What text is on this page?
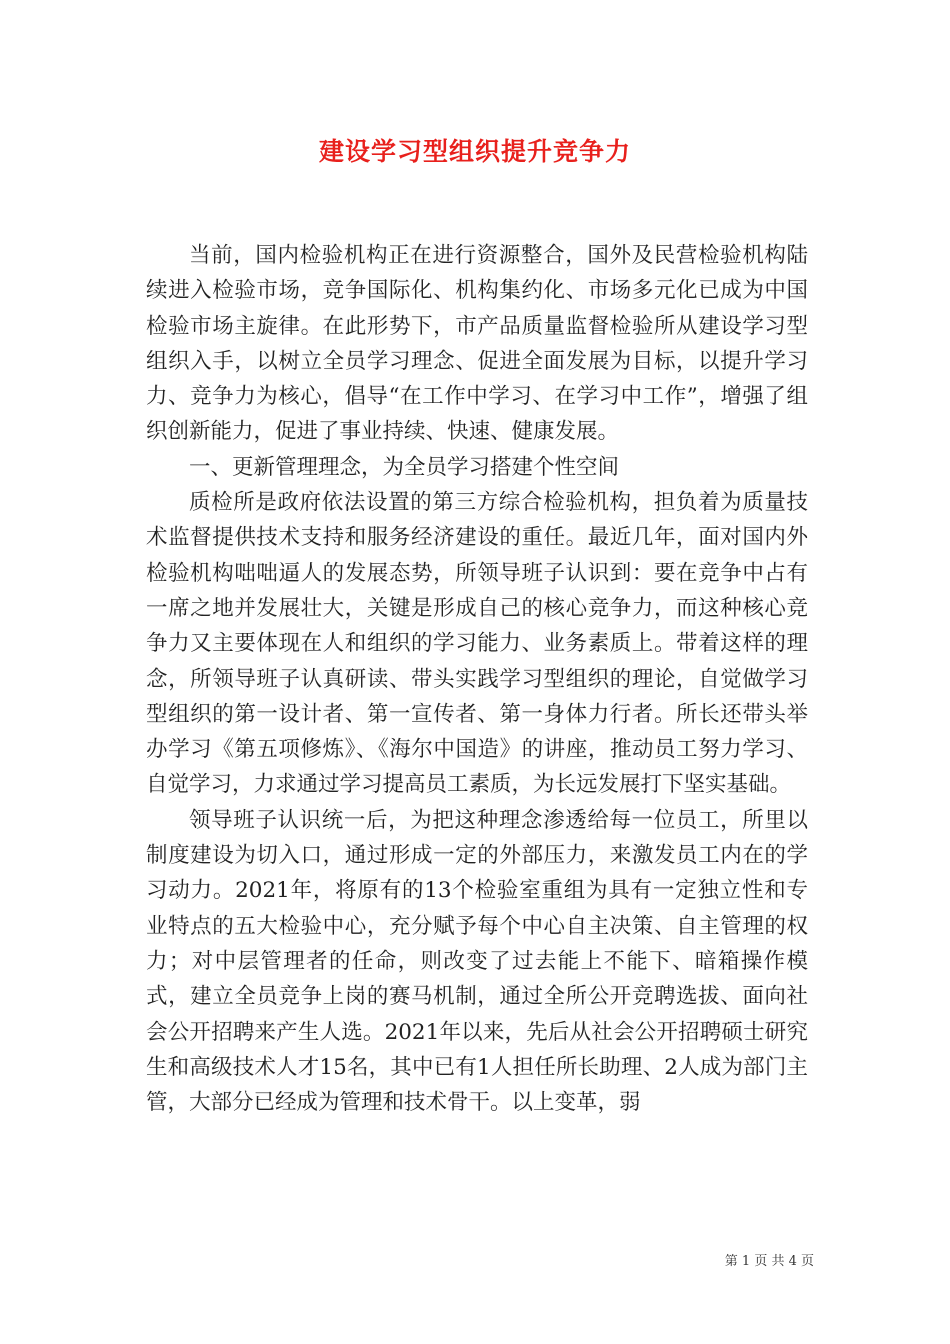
建设学习型组织提升竞争力

当前，国内检验机构正在进行资源整合，国外及民营检验机构陆续进入检验市场，竞争国际化、机构集约化、市场多元化已成为中国检验市场主旋律。在此形势下，市产品质量监督检验所从建设学习型组织入手，以树立全员学习理念、促进全面发展为目标，以提升学习力、竞争力为核心，倡导“在工作中学习、在学习中工作”，增强了组织创新能力，促进了事业持续、快速、健康发展。

一、更新管理理念，为全员学习搭建个性空间

质检所是政府依法设置的第三方综合检验机构，担负着为质量技术监督提供技术支持和服务经济建设的重任。最近几年，面对国内外检验机构咄咄逼人的发展态势，所领导班子认识到：要在竞争中占有一席之地并发展壮大，关键是形成自己的核心竞争力，而这种核心竞争力又主要体现在人和组织的学习能力、业务素质上。带着这样的理念，所领导班子认真研读、带头实践学习型组织的理论，自觉做学习型组织的第一设计者、第一宣传者、第一身体力行者。所长还带头举办学习《第五项修炼》、《海尔中国造》的讲座，推动员工努力学习、自觉学习，力求通过学习提高员工素质，为长远发展打下坚实基础。

领导班子认识统一后，为把这种理念渗透给每一位员工，所里以制度建设为切入口，通过形成一定的外部压力，来激发员工内在的学习动力。2021年，将原有的13个检验室重组为具有一定独立性和专业特点的五大检验中心，充分赋予每个中心自主决策、自主管理的权力；对中层管理者的任命，则改变了过去能上不能下、暗箱操作模式，建立全员竞争上岗的赛马机制，通过全所公开竞聘选拔、面向社会公开招聘来产生人选。2021年以来，先后从社会公开招聘硕士研究生和高级技术人才15名，其中已有1人担任所长助理、2人成为部门主管，大部分已经成为管理和技术骨干。以上变革，弱

第 1 页 共 4 页
